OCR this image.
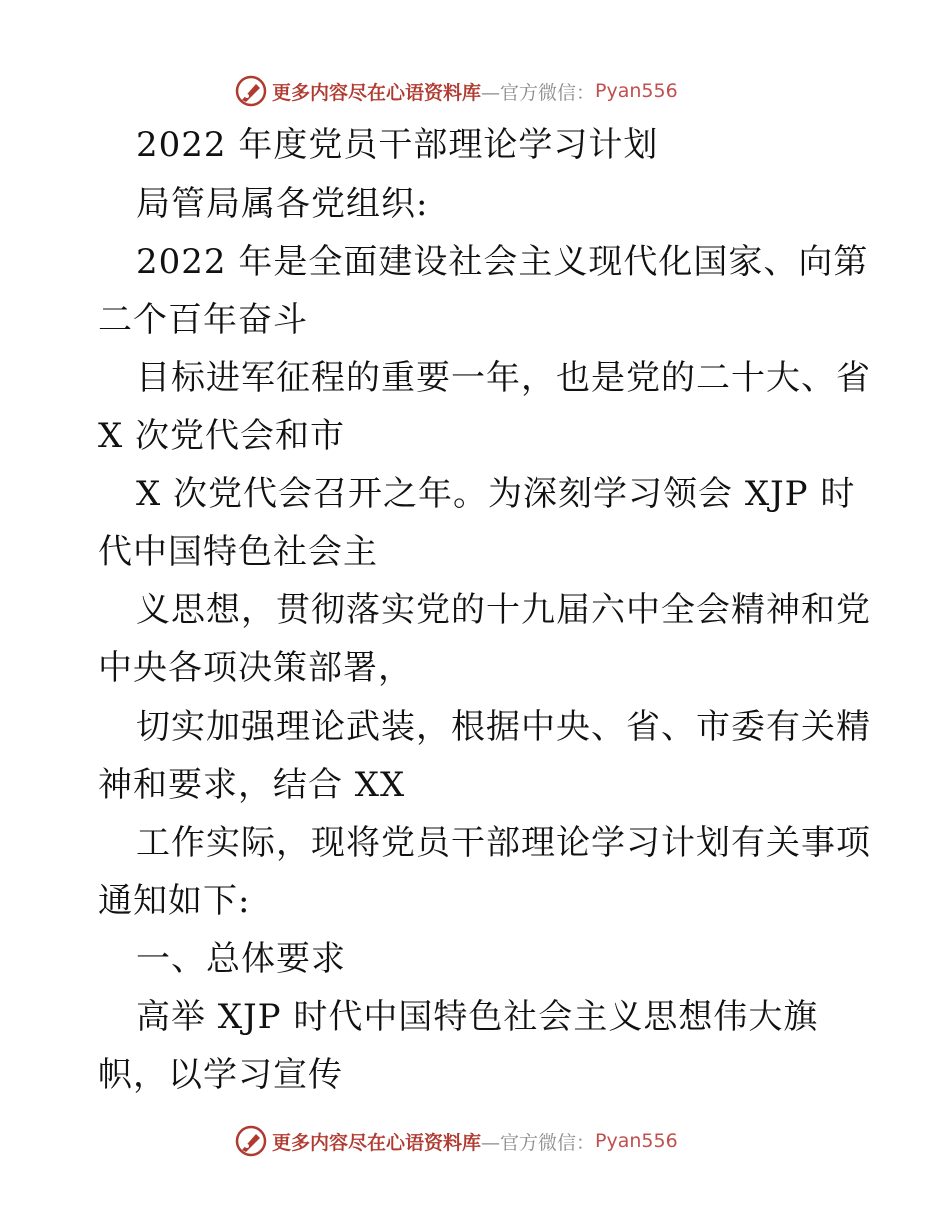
更多内容尽在心语资料库 —官方微信： Pyan556
2022 年度党员干部理论学习计划
局管局属各党组织:
2022 年是全面建设社会主义现代化国家、向第
二个百年奋斗
目标进军征程的重要一年，也是党的二十大、省
X 次党代会和市
X 次党代会召开之年。为深刻学习领会 XJP 时
代中国特色社会主
义思想，贯彻落实党的十九届六中全会精神和党
中央各项决策部署，
切实加强理论武装，根据中央、省、市委有关精
神和要求，结合 XX
工作实际，现将党员干部理论学习计划有关事项
通知如下:
一、总体要求
高举 XJP 时代中国特色社会主义思想伟大旗
帜，以学习宣传
更多内容尽在心语资料库 —官方微信： Pyan556
